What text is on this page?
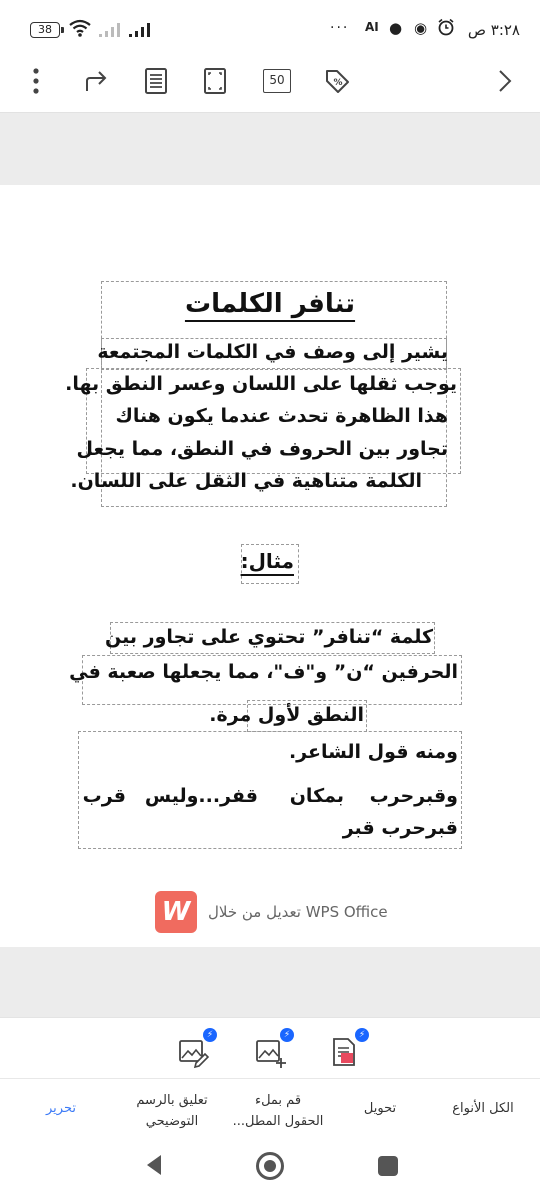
38	··· AI ● ◉	٣:٢٨ ص
50	%
تنافر الكلمات
يشير إلى وصف في الكلمات المجتمعة
يوجب ثقلها على اللسان وعسر النطق بها.
هذا الظاهرة تحدث عندما يكون هناك
تجاور بين الحروف في النطق، مما يجعل
الكلمة متناهية في الثقل على اللسان.
مثال:
كلمة “تنافر” تحتوي على تجاور بين
الحرفين “ن” و"ف"، مما يجعلها صعبة في
النطق لأول مرة.
ومنه قول الشاعر.
وقبرحرب
بمكان
قفر...وليس
قرب
قبرحرب قبر
W	تعديل من خلال WPS Office
⚡	⚡	⚡
الكل الأنواع
تحويل
قم بملء
الحقول المطل...
تعليق بالرسم
التوضيحي
تحرير
